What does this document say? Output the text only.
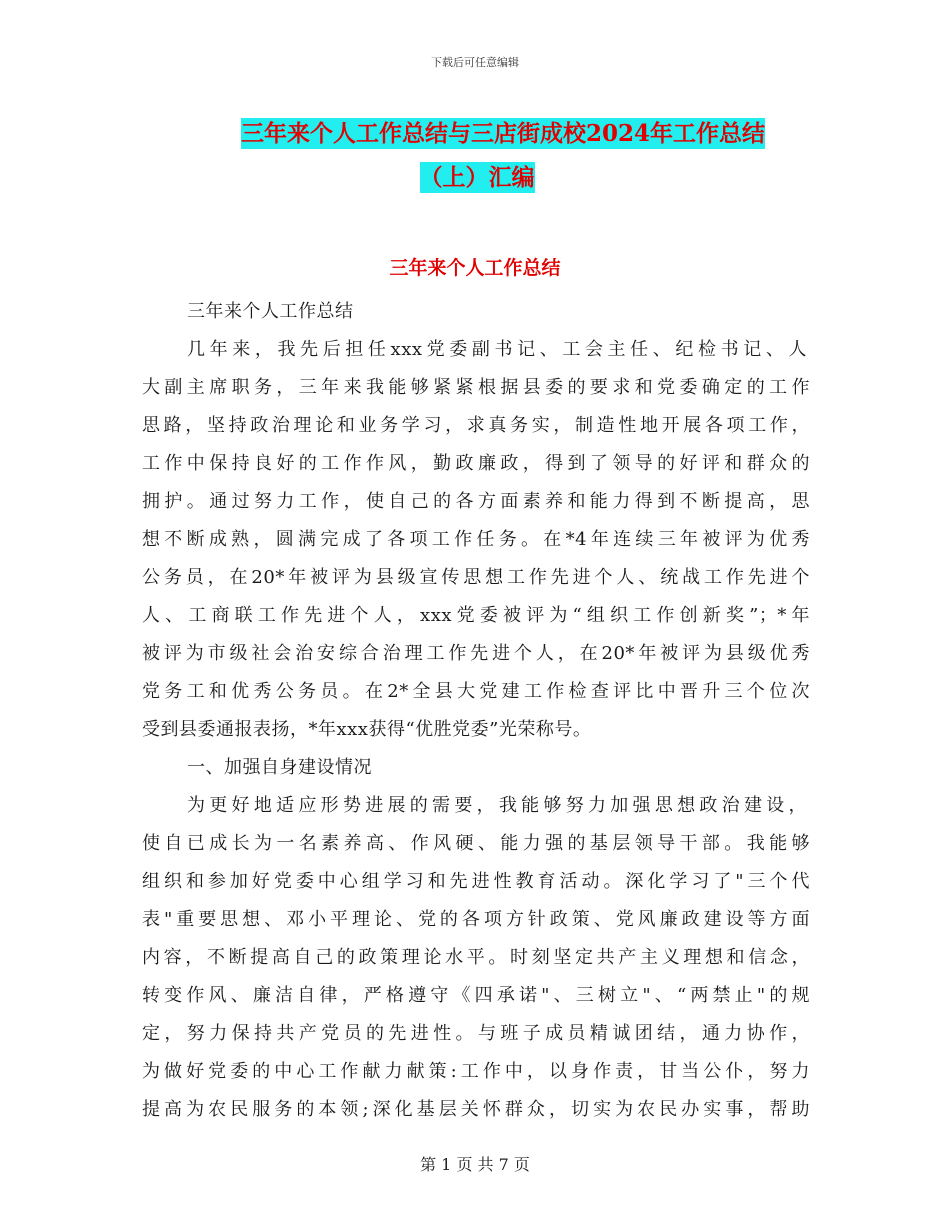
下载后可任意编辑
三年来个人工作总结与三店街成校2024年工作总结
（上）汇编
三年来个人工作总结
三年来个人工作总结
几年来，我先后担任xxx党委副书记、工会主任、纪检书记、人
大副主席职务，三年来我能够紧紧根据县委的要求和党委确定的工作
思路，坚持政治理论和业务学习，求真务实，制造性地开展各项工作，
工作中保持良好的工作作风，勤政廉政，得到了领导的好评和群众的
拥护。通过努力工作，使自己的各方面素养和能力得到不断提高，思
想不断成熟，圆满完成了各项工作任务。在*4年连续三年被评为优秀
公务员，在20*年被评为县级宣传思想工作先进个人、统战工作先进个
人、工商联工作先进个人，xxx党委被评为“组织工作创新奖”；*年
被评为市级社会治安综合治理工作先进个人，在20*年被评为县级优秀
党务工和优秀公务员。在2*全县大党建工作检查评比中晋升三个位次
受到县委通报表扬，*年xxx获得“优胜党委”光荣称号。
一、加强自身建设情况
为更好地适应形势进展的需要，我能够努力加强思想政治建设，
使自已成长为一名素养高、作风硬、能力强的基层领导干部。我能够
组织和参加好党委中心组学习和先进性教育活动。深化学习了"三个代
表"重要思想、邓小平理论、党的各项方针政策、党风廉政建设等方面
内容，不断提高自己的政策理论水平。时刻坚定共产主义理想和信念，
转变作风、廉洁自律，严格遵守《四承诺"、三树立"、“两禁止"的规
定，努力保持共产党员的先进性。与班子成员精诚团结，通力协作，
为做好党委的中心工作献力献策:工作中，以身作责，甘当公仆，努力
提高为农民服务的本领;深化基层关怀群众，切实为农民办实事，帮助
第 1 页 共 7 页
